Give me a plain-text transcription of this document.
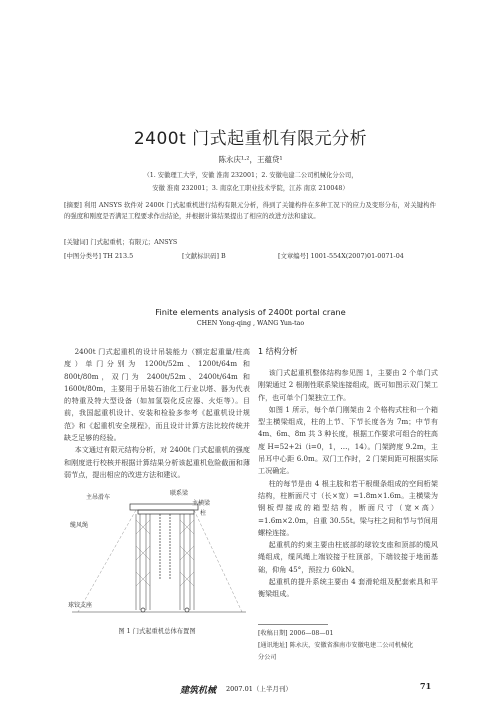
2400t 门式起重机有限元分析
陈永庆¹·²，王蕴贷¹
（1. 安徽理工大学，安徽 淮南 232001；2. 安徽电建二公司机械化分公司，
安徽 淮南 232001；3. 南京化工职业技术学院，江苏 南京 210048）
[摘要] 利用 ANSYS 软件对 2400t 门式起重机进行结构有限元分析，得到了关键构件在多种工况下的应力及变形分布，对关键构件的强度和刚度是否满足工程要求作出结论，并根据计算结果提出了相应的改进方法和建议。
[关键词] 门式起重机；有限元；ANSYS
[中图分类号] TH 213.5	[文献标识码] B	[文章编号] 1001-554X(2007)01-0071-04
Finite elements analysis of 2400t portal crane
CHEN Yong-qing , WANG Yun-tao
2400t 门式起重机的设计吊装能力（额定起重量/柱高度）单门分别为 1200t/52m、1200t/64m 和 800t/80m，双门为 2400t/52m、2400t/64m 和 1600t/80m，主要用于吊装石油化工行业以塔、器为代表的特重及特大型设备（如加氢裂化反应器、火炬等）。目前，我国起重机设计、安装和检验多参考《起重机设计规范》和《起重机安全规程》，而且设计计算方法比较传统并缺乏足够的经验。
本文通过有限元结构分析，对 2400t 门式起重机的强度和刚度进行校核并根据计算结果分析该起重机危险截面和薄弱节点，提出相应的改进方法和建议。
主吊滑车
联系梁
主横梁
柱
缆风绳
球铰支座
图 1 门式起重机总体布置图
1 结构分析
该门式起重机整体结构参见图 1，主要由 2 个单门式刚架通过 2 根刚性联系梁连接组成，既可如图示双门架工作，也可单个门架独立工作。
如图 1 所示，每个单门刚架由 2 个格构式柱和一个箱型主横梁组成，柱的上节、下节长度各为 7m；中节有 4m、6m、8m 共 3 种长度，根据工作要求可组合的柱高度 H=52+2i（i=0，1，…，14）。门架跨度 9.2m，主吊耳中心距 6.0m。双门工作时，2 门架间距可根据实际工况确定。
柱的每节是由 4 根主肢和若干根缀条组成的空间桁架结构，柱断面尺寸（长×宽）=1.8m×1.6m。主横梁为钢板焊接成的箱型结构，断面尺寸（宽×高）=1.6m×2.0m，自重 30.55t。梁与柱之间和节与节间用螺栓连接。
起重机的约束主要由柱底部的球铰支座和顶部的缆风绳组成，缆风绳上端铰接于柱顶部，下端铰接于地面基础，仰角 45°，预拉力 60kN。
起重机的提升系统主要由 4 套滑轮组及配套索具和平衡梁组成。
[收稿日期] 2006—08—01
[通讯地址] 陈永庆，安徽省淮南市安徽电建二公司机械化
分公司
建筑机械 2007.01（上半月刊）	71
